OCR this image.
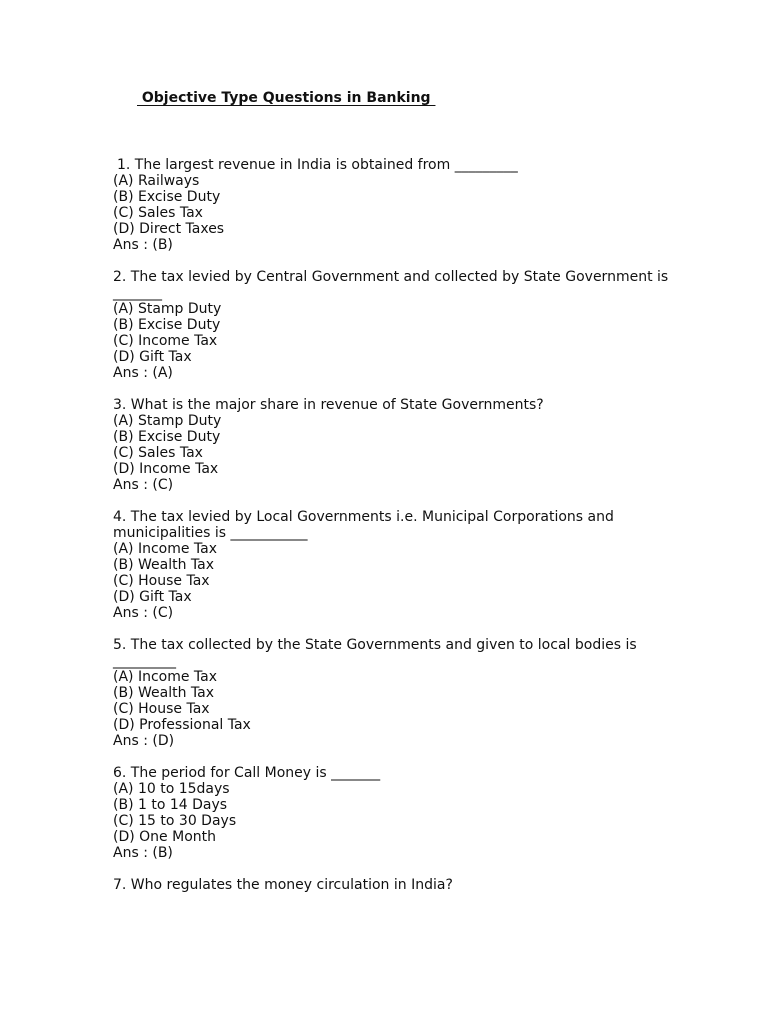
Objective Type Questions in Banking
1. The largest revenue in India is obtained from _________
(A) Railways
(B) Excise Duty
(C) Sales Tax
(D) Direct Taxes
Ans : (B)
2. The tax levied by Central Government and collected by State Government is _______
(A) Stamp Duty
(B) Excise Duty
(C) Income Tax
(D) Gift Tax
Ans : (A)
3. What is the major share in revenue of State Governments?
(A) Stamp Duty
(B) Excise Duty
(C) Sales Tax
(D) Income Tax
Ans : (C)
4. The tax levied by Local Governments i.e. Municipal Corporations and municipalities is ___________
(A) Income Tax
(B) Wealth Tax
(C) House Tax
(D) Gift Tax
Ans : (C)
5. The tax collected by the State Governments and given to local bodies is _________
(A) Income Tax
(B) Wealth Tax
(C) House Tax
(D) Professional Tax
Ans : (D)
6. The period for Call Money is _______
(A) 10 to 15days
(B) 1 to 14 Days
(C) 15 to 30 Days
(D) One Month
Ans : (B)
7. Who regulates the money circulation in India?
